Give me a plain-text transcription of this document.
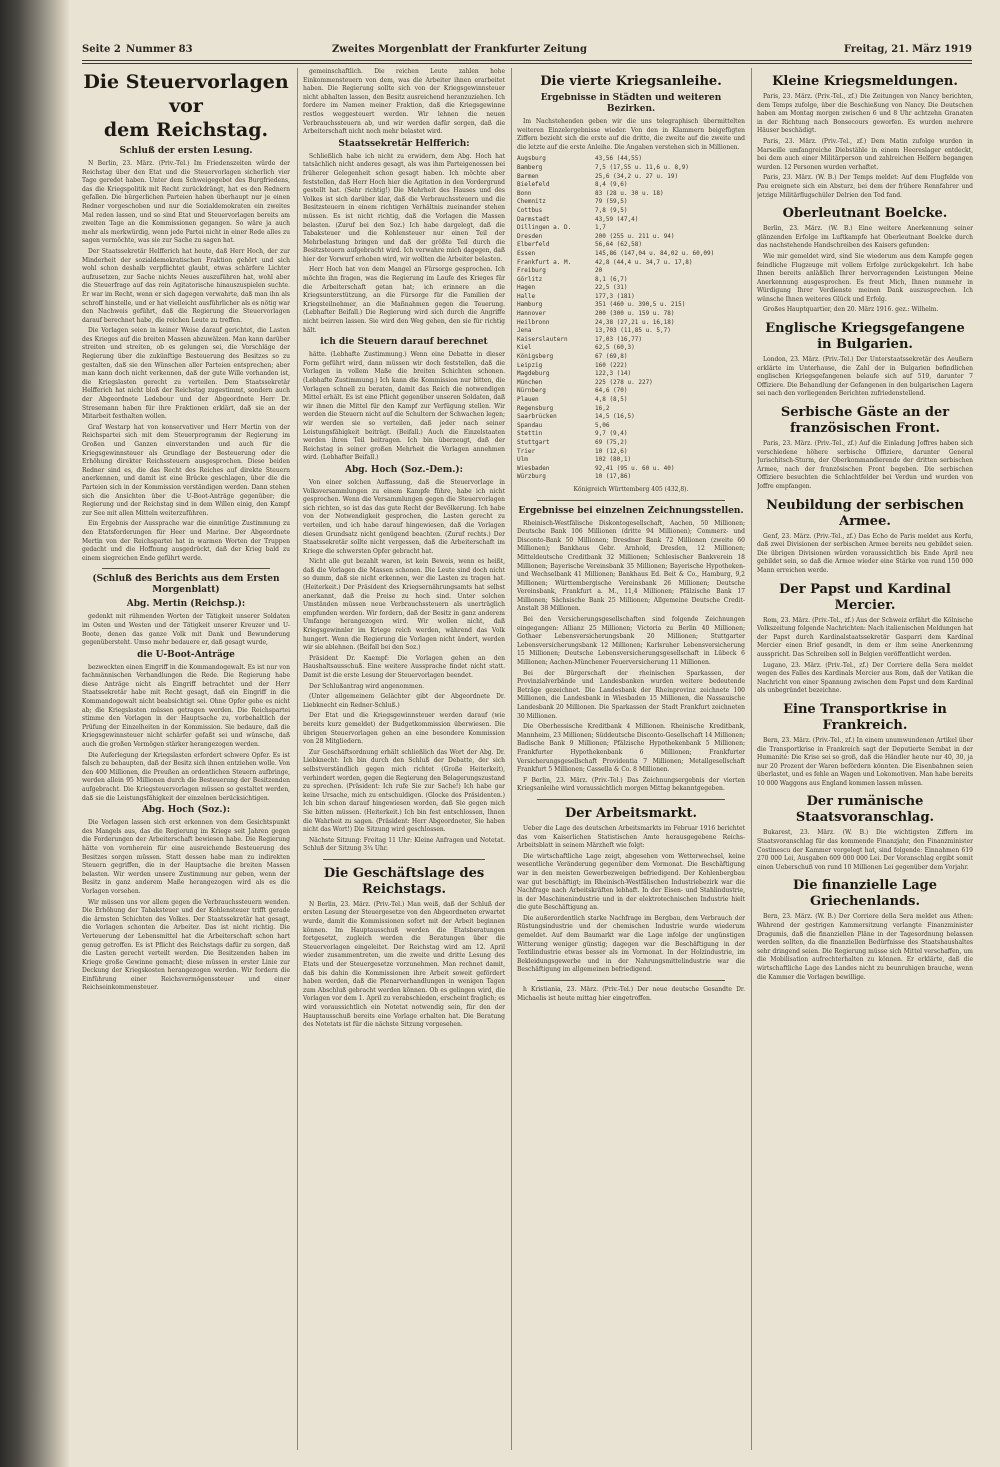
Seite 2 Nummer 83	Zweites Morgenblatt der Frankfurter Zeitung	Freitag, 21. März 1919
Die Steuervorlagen vor
dem Reichstag.
Schluß der ersten Lesung.

N Berlin, 23. März. (Priv.-Tel.) Im Friedenszeiten würde der Reichstag über den Etat und die Steuervorlagen sicherlich vier Tage geredet haben. Unter dem Schweigegebot des Burgfriedens, das die Kriegspolitik mit Recht zurückdrängt, hat es den Rednern gefallen. Die bürgerlichen Parteien haben überhaupt nur je einen Redner vorgeschoben und nur die Sozialdemokraten ein zweites Mal reden lassen, und so sind Etat und Steuervorlagen bereits am zweiten Tage an die Kommissionen gegangen. So wäre ja auch mehr als merkwürdig, wenn jede Partei nicht in einer Rede alles zu sagen vermöchte, was sie zur Sache zu sagen hat.

Der Staatssekretär Helfferich hat heute, daß Herr Hoch, der zur Minderheit der sozialdemokratischen Fraktion gehört und sich wohl schon deshalb verpflichtet glaubt, etwas schärfere Lichter aufzusetzen, zur Sache nichts Neues auszuführen hat, wohl aber die Steuerfrage auf das rein Agitatorische hinauszuspielen suchte. Er war im Recht, wenn er sich dagegen verwahrte, daß man ihn als schroff hinstelle, und er hat vielleicht ausführlicher als es nötig war den Nachweis geführt, daß die Regierung die Steuervorlagen darauf berechnet habe, die reichen Leute zu treffen.

Die Vorlagen seien in keiner Weise darauf gerichtet, die Lasten des Krieges auf die breiten Massen abzuwälzen. Man kann darüber streiten und streiten, ob es gelungen sei, die Vorschläge der Regierung über die zukünftige Besteuerung des Besitzes so zu gestalten, daß sie den Wünschen aller Parteien entsprechen; aber man kann doch nicht verkennen, daß der gute Wille vorhanden ist, die Kriegslasten gerecht zu verteilen. Dem Staatssekretär Helfferich hat nicht bloß der Reichstag zugestimmt, sondern auch der Abgeordnete Ledebour und der Abgeordnete Herr Dr. Stresemann haben für ihre Fraktionen erklärt, daß sie an der Mitarbeit festhalten wollen.

Graf Westarp hat von konservativer und Herr Mertin von der Reichspartei sich mit dem Steuerprogramm der Regierung im Großen und Ganzen einverstanden und auch für die Kriegsgewinnsteuer als Grundlage der Besteuerung oder die Erhöhung direkter Reichssteuern ausgesprochen. Diese beiden Redner sind es, die das Recht des Reiches auf direkte Steuern anerkennen, und damit ist eine Brücke geschlagen, über die die Parteien sich in der Kommission verständigen werden. Dann stehen sich die Ansichten über die U-Boot-Anträge gegenüber; die Regierung und der Reichstag sind in dem Willen einig, den Kampf zur See mit allen Mitteln weiterzuführen.

Ein Ergebnis der Aussprache war die einmütige Zustimmung zu den Etatsforderungen für Heer und Marine. Der Abgeordnete Mertin von der Reichspartei hat in warmen Worten der Truppen gedacht und die Hoffnung ausgedrückt, daß der Krieg bald zu einem siegreichen Ende geführt werde.

(Schluß des Berichts aus dem Ersten Morgenblatt)
Abg. Mertin (Reichsp.):

gedenkt mit rühmenden Worten der Tätigkeit unserer Soldaten im Osten und Westen und der Tätigkeit unserer Kreuzer und U-Boote, denen das ganze Volk mit Dank und Bewunderung gegenübersteht. Umso mehr bedauere er, daß gesagt wurde,

die U-Boot-Anträge

bezweckten einen Eingriff in die Kommandogewalt. Es ist nur von fachmännischen Verhandlungen die Rede. Die Regierung habe diese Anträge nicht als Eingriff betrachtet und der Herr Staatssekretär habe mit Recht gesagt, daß ein Eingriff in die Kommandogewalt nicht beabsichtigt sei. Ohne Opfer gehe es nicht ab; die Kriegslasten müssen getragen werden. Die Reichspartei stimme den Vorlagen in der Hauptsache zu, vorbehaltlich der Prüfung der Einzelheiten in der Kommission. Sie bedaure, daß die Kriegsgewinnsteuer nicht schärfer gefaßt sei und wünsche, daß auch die großen Vermögen stärker herangezogen werden.

Die Auferlegung der Kriegslasten erfordert schwere Opfer. Es ist falsch zu behaupten, daß der Besitz sich ihnen entziehen wolle. Von den 400 Millionen, die Preußen an ordentlichen Steuern aufbringe, werden allein 95 Millionen durch die Besteuerung der Besitzenden aufgebracht. Die Kriegsteuervorlagen müssen so gestaltet werden, daß sie die Leistungsfähigkeit der einzelnen berücksichtigen.

Abg. Hoch (Soz.):

Die Vorlagen lassen sich erst erkennen von dem Gesichtspunkt des Mangels aus, das die Regierung im Kriege seit Jahren gegen die Forderungen der Arbeiterschaft bewiesen habe. Die Regierung hätte von vornherein für eine ausreichende Besteuerung des Besitzes sorgen müssen. Statt dessen habe man zu indirekten Steuern gegriffen, die in der Hauptsache die breiten Massen belasten. Wir werden unsere Zustimmung nur geben, wenn der Besitz in ganz anderem Maße herangezogen wird als es die Vorlagen vorsehen.

Wir müssen uns vor allem gegen die Verbrauchssteuern wenden. Die Erhöhung der Tabaksteuer und der Kohlensteuer trifft gerade die ärmsten Schichten des Volkes. Der Staatssekretär hat gesagt, die Vorlagen schonten die Arbeiter. Das ist nicht richtig. Die Verteuerung der Lebensmittel hat die Arbeiterschaft schon hart genug getroffen. Es ist Pflicht des Reichstags dafür zu sorgen, daß die Lasten gerecht verteilt werden. Die Besitzenden haben im Kriege große Gewinne gemacht; diese müssen in erster Linie zur Deckung der Kriegskosten herangezogen werden. Wir fordern die Einführung einer Reichsvermögenssteuer und einer Reichseinkommensteuer.

gemeinschaftlich. Die reichen Leute zahlen hohe Einkommensteuern von dem, was die Arbeiter ihnen erarbeitet haben. Die Regierung sollte sich von der Kriegsgewinnsteuer nicht abhalten lassen, den Besitz ausreichend heranzuziehen. Ich fordere im Namen meiner Fraktion, daß die Kriegsgewinne restlos weggesteuert werden. Wir lehnen die neuen Verbrauchssteuern ab, und wir werden dafür sorgen, daß die Arbeiterschaft nicht noch mehr belastet wird.

Staatssekretär Helfferich:

Schließlich habe ich nicht zu erwidern, dem Abg. Hoch hat tatsächlich nicht anderes gesagt, als was ihm Parteigenossen bei früherer Gelegenheit schon gesagt haben. Ich möchte aber feststellen, daß Herr Hoch hier die Agitation in den Vordergrund gestellt hat. (Sehr richtig!) Die Mehrheit des Hauses und des Volkes ist sich darüber klar, daß die Verbrauchssteuern und die Besitzsteuern in einem richtigen Verhältnis zueinander stehen müssen. Es ist nicht richtig, daß die Vorlagen die Massen belasten. (Zuruf bei den Soz.) Ich habe dargelegt, daß die Tabaksteuer und die Kohlensteuer nur einen Teil der Mehrbelastung bringen und daß der größte Teil durch die Besitzsteuern aufgebracht wird. Ich verwahre mich dagegen, daß hier der Vorwurf erhoben wird, wir wollten die Arbeiter belasten.

Herr Hoch hat von dem Mangel an Fürsorge gesprochen. Ich möchte ihn fragen, was die Regierung im Laufe des Krieges für die Arbeiterschaft getan hat; ich erinnere an die Kriegsunterstützung, an die Fürsorge für die Familien der Kriegsteilnehmer, an die Maßnahmen gegen die Teuerung. (Lebhafter Beifall.) Die Regierung wird sich durch die Angriffe nicht beirren lassen. Sie wird den Weg gehen, den sie für richtig hält.

ich die Steuern darauf berechnet

hätte. (Lebhafte Zustimmung.) Wenn eine Debatte in dieser Form geführt wird, dann müssen wir doch feststellen, daß die Vorlagen in vollem Maße die breiten Schichten schonen. (Lebhafte Zustimmung.) Ich kann die Kommission nur bitten, die Vorlagen schnell zu beraten, damit das Reich die notwendigen Mittel erhält. Es ist eine Pflicht gegenüber unseren Soldaten, daß wir ihnen die Mittel für den Kampf zur Verfügung stellen. Wir werden die Steuern nicht auf die Schultern der Schwachen legen; wir werden sie so verteilen, daß jeder nach seiner Leistungsfähigkeit beiträgt. (Beifall.) Auch die Einzelstaaten werden ihren Teil beitragen. Ich bin überzeugt, daß der Reichstag in seiner großen Mehrheit die Vorlagen annehmen wird. (Lebhafter Beifall.)

Abg. Hoch (Soz.-Dem.):

Von einer solchen Auffassung, daß die Steuervorlage in Volksversammlungen zu einem Kampfe führe, habe ich nicht gesprochen. Wenn die Versammlungen gegen die Steuervorlagen sich richten, so ist das das gute Recht der Bevölkerung. Ich habe von der Notwendigkeit gesprochen, die Lasten gerecht zu verteilen, und ich habe darauf hingewiesen, daß die Vorlagen diesen Grundsatz nicht genügend beachten. (Zuruf rechts.) Der Staatssekretär sollte nicht vergessen, daß die Arbeiterschaft im Kriege die schwersten Opfer gebracht hat.

Nicht alle gut bezahlt waren, ist kein Beweis, wenn es heißt, daß die Vorlagen die Massen schonen. Die Leute sind doch nicht so dumm, daß sie nicht erkennen, wer die Lasten zu tragen hat. (Heiterkeit.) Der Präsident des Kriegsernährungsamts hat selbst anerkannt, daß die Preise zu hoch sind. Unter solchen Umständen müssen neue Verbrauchssteuern als unerträglich empfunden werden. Wir fordern, daß der Besitz in ganz anderem Umfange herangezogen wird. Wir wollen nicht, daß Kriegsgewinnler im Kriege reich werden, während das Volk hungert. Wenn die Regierung die Vorlagen nicht ändert, werden wir sie ablehnen. (Beifall bei den Soz.)

Präsident Dr. Kaempf: Die Vorlagen gehen an den Haushaltsausschuß. Eine weitere Aussprache findet nicht statt. Damit ist die erste Lesung der Steuervorlagen beendet.

Der Schlußantrag wird angenommen.

(Unter allgemeinem Gelächter gibt der Abgeordnete Dr. Liebknecht ein Redner-Schluß.)

Der Etat und die Kriegsgewinnsteuer werden darauf (wie bereits kurz gemeldet) der Budgetkommission überwiesen. Die übrigen Steuervorlagen gehen an eine besondere Kommission von 28 Mitgliedern.

Zur Geschäftsordnung erhält schließlich das Wort der Abg. Dr. Liebknecht: Ich bin durch den Schluß der Debatte, der sich selbstverständlich gegen mich richtet (Große Heiterkeit), verhindert worden, gegen die Regierung den Belagerungszustand zu sprechen. (Präsident: Ich rufe Sie zur Sache!) Ich habe gar keine Ursache, mich zu entschuldigen. (Glocke des Präsidenten.) Ich bin schon darauf hingewiesen worden, daß Sie gegen mich Sie bitten müssen. (Heiterkeit.) Ich bin fest entschlossen, Ihnen die Wahrheit zu sagen. (Präsident: Herr Abgeordneter, Sie haben nicht das Wort!) Die Sitzung wird geschlossen.

Nächste Sitzung: Freitag 11 Uhr: Kleine Anfragen und Notetat. Schluß der Sitzung 3¼ Uhr.

Die Geschäftslage des Reichstags.

N Berlin, 23. März. (Priv.-Tel.) Man weiß, daß der Schluß der ersten Lesung der Steuergesetze von den Abgeordneten erwartet wurde, damit die Kommissionen sofort mit der Arbeit beginnen können. Im Hauptausschuß werden die Etatsberatungen fortgesetzt, zugleich werden die Beratungen über die Steuervorlagen eingeleitet. Der Reichstag wird am 12. April wieder zusammentreten, um die zweite und dritte Lesung des Etats und der Steuergesetze vorzunehmen. Man rechnet damit, daß bis dahin die Kommissionen ihre Arbeit soweit gefördert haben werden, daß die Plenarverhandlungen in wenigen Tagen zum Abschluß gebracht werden können. Ob es gelingen wird, die Vorlagen vor dem 1. April zu verabschieden, erscheint fraglich; es wird voraussichtlich ein Notetat notwendig sein, für den der Hauptausschuß bereits eine Vorlage erhalten hat. Die Beratung des Notetats ist für die nächste Sitzung vorgesehen.

Die vierte Kriegsanleihe.
Ergebnisse in Städten und weiteren Bezirken.

Im Nachstehenden geben wir die uns telegraphisch übermittelten weiteren Einzelergebnisse wieder. Von den in Klammern beigefügten Ziffern bezieht sich die erste auf die dritte, die zweite auf die zweite und die letzte auf die erste Anleihe. Die Angaben verstehen sich in Millionen.

Augsburg	43,56 (44,55)
Bamberg	7,5 (17,55 u. 11,6 u. 8,9)
Barmen	25,6 (34,2 u. 27 u. 19)
Bielefeld	8,4 (9,6)
Bonn	83 (28 u. 30 u. 18)
Chemnitz	79 (59,5)
Cottbus	7,8 (9,5)
Darmstadt	43,59 (47,4)
Dillingen a. D.	1,7
Dresden	200 (255 u. 211 u. 94)
Elberfeld	56,64 (62,58)
Essen	145,86 (147,04 u. 84,02 u. 60,09)
Frankfurt a. M.	42,8 (44,4 u. 34,7 u. 17,8)
Freiburg	20
Görlitz	8,1 (6,7)
Hagen	22,5 (31)
Halle	177,3 (181)
Hamburg	351 (460 u. 390,5 u. 215)
Hannover	200 (300 u. 159 u. 78)
Heilbronn	24,38 (27,21 u. 16,18)
Jena	13,703 (11,85 u. 5,7)
Kaiserslautern	17,03 (16,77)
Kiel	62,5 (60,3)
Königsberg	67 (69,8)
Leipzig	160 (222)
Magdeburg	122,3 (14)
München	225 (278 u. 227)
Nürnberg	64,6 (70)
Plauen	4,8 (8,5)
Regensburg	16,2
Saarbrücken	14,5 (16,5)
Spandau	5,06
Stettin	9,7 (9,4)
Stuttgart	69 (75,2)
Trier	10 (12,6)
Ulm	102 (80,1)
Wiesbaden	92,41 (95 u. 60 u. 40)
Würzburg	10 (17,86)

Königreich Württemberg 405 (432,8).

Ergebnisse bei einzelnen Zeichnungsstellen.

Rheinisch-Westfälische Diskontogesellschaft, Aachen, 50 Millionen; Deutsche Bank 106 Millionen (dritte 94 Millionen); Commerz- und Disconto-Bank 50 Millionen; Dresdner Bank 72 Millionen (zweite 60 Millionen); Bankhaus Gebr. Arnhold, Dresden, 12 Millionen; Mitteldeutsche Creditbank 32 Millionen; Schlesischer Bankverein 18 Millionen; Bayerische Vereinsbank 35 Millionen; Bayerische Hypotheken- und Wechselbank 41 Millionen; Bankhaus Ed. Beit & Co., Hamburg, 9,2 Millionen; Württembergische Vereinsbank 26 Millionen; Deutsche Vereinsbank, Frankfurt a. M., 11,4 Millionen; Pfälzische Bank 17 Millionen; Sächsische Bank 25 Millionen; Allgemeine Deutsche Credit-Anstalt 38 Millionen.

Bei den Versicherungsgesellschaften sind folgende Zeichnungen eingegangen: Allianz 25 Millionen; Victoria zu Berlin 40 Millionen; Gothaer Lebensversicherungsbank 20 Millionen; Stuttgarter Lebensversicherungsbank 12 Millionen; Karlsruher Lebensversicherung 15 Millionen; Deutsche Lebensversicherungsgesellschaft in Lübeck 6 Millionen; Aachen-Münchener Feuerversicherung 11 Millionen.

Bei der Bürgerschaft der rheinischen Sparkassen, der Provinzialverbände und Landesbanken wurden weitere bedeutende Beträge gezeichnet. Die Landesbank der Rheinprovinz zeichnete 100 Millionen, die Landesbank in Wiesbaden 15 Millionen, die Nassauische Landesbank 20 Millionen. Die Sparkassen der Stadt Frankfurt zeichneten 30 Millionen.

Die Oberhessische Kreditbank 4 Millionen. Rheinische Kreditbank, Mannheim, 23 Millionen; Süddeutsche Disconto-Gesellschaft 14 Millionen; Badische Bank 9 Millionen; Pfälzische Hypothekenbank 5 Millionen; Frankfurter Hypothekenbank 6 Millionen; Frankfurter Versicherungsgesellschaft Providentia 7 Millionen; Metallgesellschaft Frankfurt 5 Millionen; Cassella & Co. 8 Millionen.

F Berlin, 23. März. (Priv.-Tel.) Das Zeichnungsergebnis der vierten Kriegsanleihe wird voraussichtlich morgen Mittag bekanntgegeben.

Der Arbeitsmarkt.

Ueber die Lage des deutschen Arbeitsmarkts im Februar 1916 berichtet das vom Kaiserlichen Statistischen Amte herausgegebene Reichs-Arbeitsblatt in seinem Märzheft wie folgt:

Die wirtschaftliche Lage zeigt, abgesehen vom Wetterwechsel, keine wesentliche Veränderung gegenüber dem Vormonat. Die Beschäftigung war in den meisten Gewerbezweigen befriedigend. Der Kohlenbergbau war gut beschäftigt; im Rheinisch-Westfälischen Industriebezirk war die Nachfrage nach Arbeitskräften lebhaft. In der Eisen- und Stahlindustrie, in der Maschinenindustrie und in der elektrotechnischen Industrie hielt die gute Beschäftigung an.

Die außerordentlich starke Nachfrage im Bergbau, dem Verbrauch der Rüstungsindustrie und der chemischen Industrie wurde wiederum gemeldet. Auf dem Baumarkt war die Lage infolge der ungünstigen Witterung weniger günstig; dagegen war die Beschäftigung in der Textilindustrie etwas besser als im Vormonat. In der Holzindustrie, im Bekleidungsgewerbe und in der Nahrungsmittelindustrie war die Beschäftigung im allgemeinen befriedigend.

h Kristiania, 23. März. (Priv.-Tel.) Der neue deutsche Gesandte Dr. Michaelis ist heute mittag hier eingetroffen.

Kleine Kriegsmeldungen.

Paris, 23. März. (Priv.-Tel., zf.) Die Zeitungen von Nancy berichten, dem Temps zufolge, über die Beschießung von Nancy. Die Deutschen haben am Montag morgen zwischen 6 und 8 Uhr achtzehn Granaten in der Richtung nach Bonsecours geworfen. Es wurden mehrere Häuser beschädigt.

Paris, 23. März. (Priv.-Tel., zf.) Dem Matin zufolge wurden in Marseille umfangreiche Diebstähle in einem Heereslager entdeckt, bei dem auch einer Militärperson und zahlreichen Helfern begangen wurden. 12 Personen wurden verhaftet.

Paris, 23. März. (W. B.) Der Temps meldet: Auf dem Flugfelde von Pau ereignete sich ein Absturz, bei dem der frühere Rennfahrer und jetzige Militärflugschüler Delrien den Tod fand.

Oberleutnant Boelcke.

Berlin, 23. März. (W. B.) Eine weitere Anerkennung seiner glänzenden Erfolge im Luftkampfe hat Oberleutnant Boelcke durch das nachstehende Handschreiben des Kaisers gefunden:

Wie mir gemeldet wird, sind Sie wiederum aus dem Kampfe gegen feindliche Flugzeuge mit vollem Erfolge zurückgekehrt. Ich habe Ihnen bereits anläßlich Ihrer hervorragenden Leistungen Meine Anerkennung ausgesprochen. Es freut Mich, Ihnen nunmehr in Würdigung Ihrer Verdienste meinen Dank auszusprechen. Ich wünsche Ihnen weiteres Glück und Erfolg.

Großes Hauptquartier, den 20. März 1916. gez.: Wilhelm.

Englische Kriegsgefangene in Bulgarien.

London, 23. März. (Priv.-Tel.) Der Unterstaatssekretär des Aeußern erklärte im Unterhause, die Zahl der in Bulgarien befindlichen englischen Kriegsgefangenen belaufe sich auf 519, darunter 7 Offiziere. Die Behandlung der Gefangenen in den bulgarischen Lagern sei nach den vorliegenden Berichten zufriedenstellend.

Serbische Gäste an der französischen Front.

Paris, 23. März. (Priv.-Tel., zf.) Auf die Einladung Joffres haben sich verschiedene höhere serbische Offiziere, darunter General Jurischitsch-Sturm, der Oberkommandierende der dritten serbischen Armee, nach der französischen Front begeben. Die serbischen Offiziere besuchten die Schlachtfelder bei Verdun und wurden von Joffre empfangen.

Neubildung der serbischen Armee.

Genf, 23. März. (Priv.-Tel., zf.) Das Echo de Paris meldet aus Korfu, daß zwei Divisionen der serbischen Armee bereits neu gebildet seien. Die übrigen Divisionen würden voraussichtlich bis Ende April neu gebildet sein, so daß die Armee wieder eine Stärke von rund 150 000 Mann erreichen werde.

Der Papst und Kardinal Mercier.

Rom, 23. März. (Priv.-Tel., zf.) Aus der Schweiz erfährt die Kölnische Volkszeitung folgende Nachrichten: Nach italienischen Meldungen hat der Papst durch Kardinalstaatssekretär Gasparri dem Kardinal Mercier einen Brief gesandt, in dem er ihm seine Anerkennung ausspricht. Das Schreiben soll in Belgien veröffentlicht werden.

Lugano, 23. März. (Priv.-Tel., zf.) Der Corriere della Sera meldet wegen des Falles des Kardinals Mercier aus Rom, daß der Vatikan die Nachricht von einer Spannung zwischen dem Papst und dem Kardinal als unbegründet bezeichne.

Eine Transportkrise in Frankreich.

Bern, 23. März. (Priv.-Tel., zf.) In einem unumwundenen Artikel über die Transportkrise in Frankreich sagt der Deputierte Sembat in der Humanité: Die Krise sei so groß, daß die Händler heute nur 40, 30, ja nur 20 Prozent der Waren befördern könnten. Die Eisenbahnen seien überlastet, und es fehle an Wagen und Lokomotiven. Man habe bereits 10 000 Waggons aus England kommen lassen müssen.

Der rumänische Staatsvoranschlag.

Bukarest, 23. März. (W. B.) Die wichtigsten Ziffern im Staatsvoranschlag für das kommende Finanzjahr, den Finanzminister Costinescu der Kammer vorgelegt hat, sind folgende: Einnahmen 619 270 000 Lei, Ausgaben 609 000 000 Lei. Der Voranschlag ergibt somit einen Ueberschuß von rund 10 Millionen Lei gegenüber dem Vorjahr.

Die finanzielle Lage Griechenlands.

Bern, 23. März. (W. B.) Der Corriere della Sera meldet aus Athen: Während der gestrigen Kammersitzung verlangte Finanzminister Dragumis, daß die finanziellen Pläne in der Tagesordnung belassen werden sollten, da die finanziellen Bedürfnisse des Staatshaushaltes sehr dringend seien. Die Regierung müsse sich Mittel verschaffen, um die Mobilisation aufrechterhalten zu können. Er erklärte, daß die wirtschaftliche Lage des Landes nicht zu beunruhigen brauche, wenn die Kammer die Vorlagen bewillige.
